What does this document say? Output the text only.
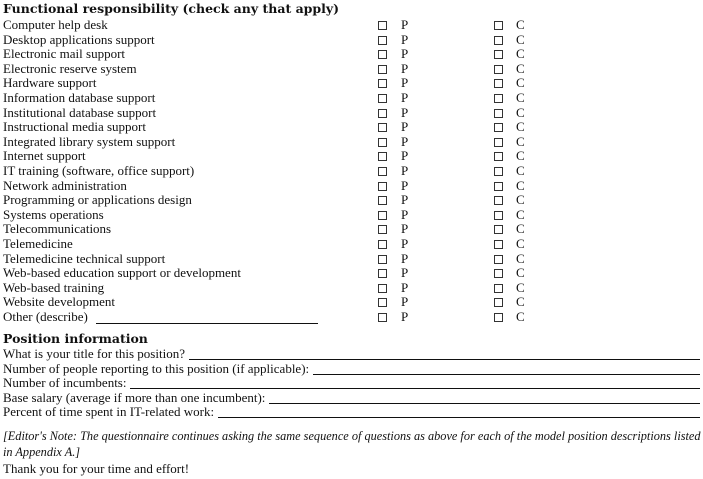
Functional responsibility (check any that apply)
Computer help desk	P	C
Desktop applications support	P	C
Electronic mail support	P	C
Electronic reserve system	P	C
Hardware support	P	C
Information database support	P	C
Institutional database support	P	C
Instructional media support	P	C
Integrated library system support	P	C
Internet support	P	C
IT training (software, office support)	P	C
Network administration	P	C
Programming or applications design	P	C
Systems operations	P	C
Telecommunications	P	C
Telemedicine	P	C
Telemedicine technical support	P	C
Web-based education support or development	P	C
Web-based training	P	C
Website development	P	C
Other (describe)	P	C
Position information
What is your title for this position?
Number of people reporting to this position (if applicable):
Number of incumbents:
Base salary (average if more than one incumbent):
Percent of time spent in IT-related work:
[Editor's Note: The questionnaire continues asking the same sequence of questions as above for each of the model position descriptions listed in Appendix A.]
Thank you for your time and effort!
